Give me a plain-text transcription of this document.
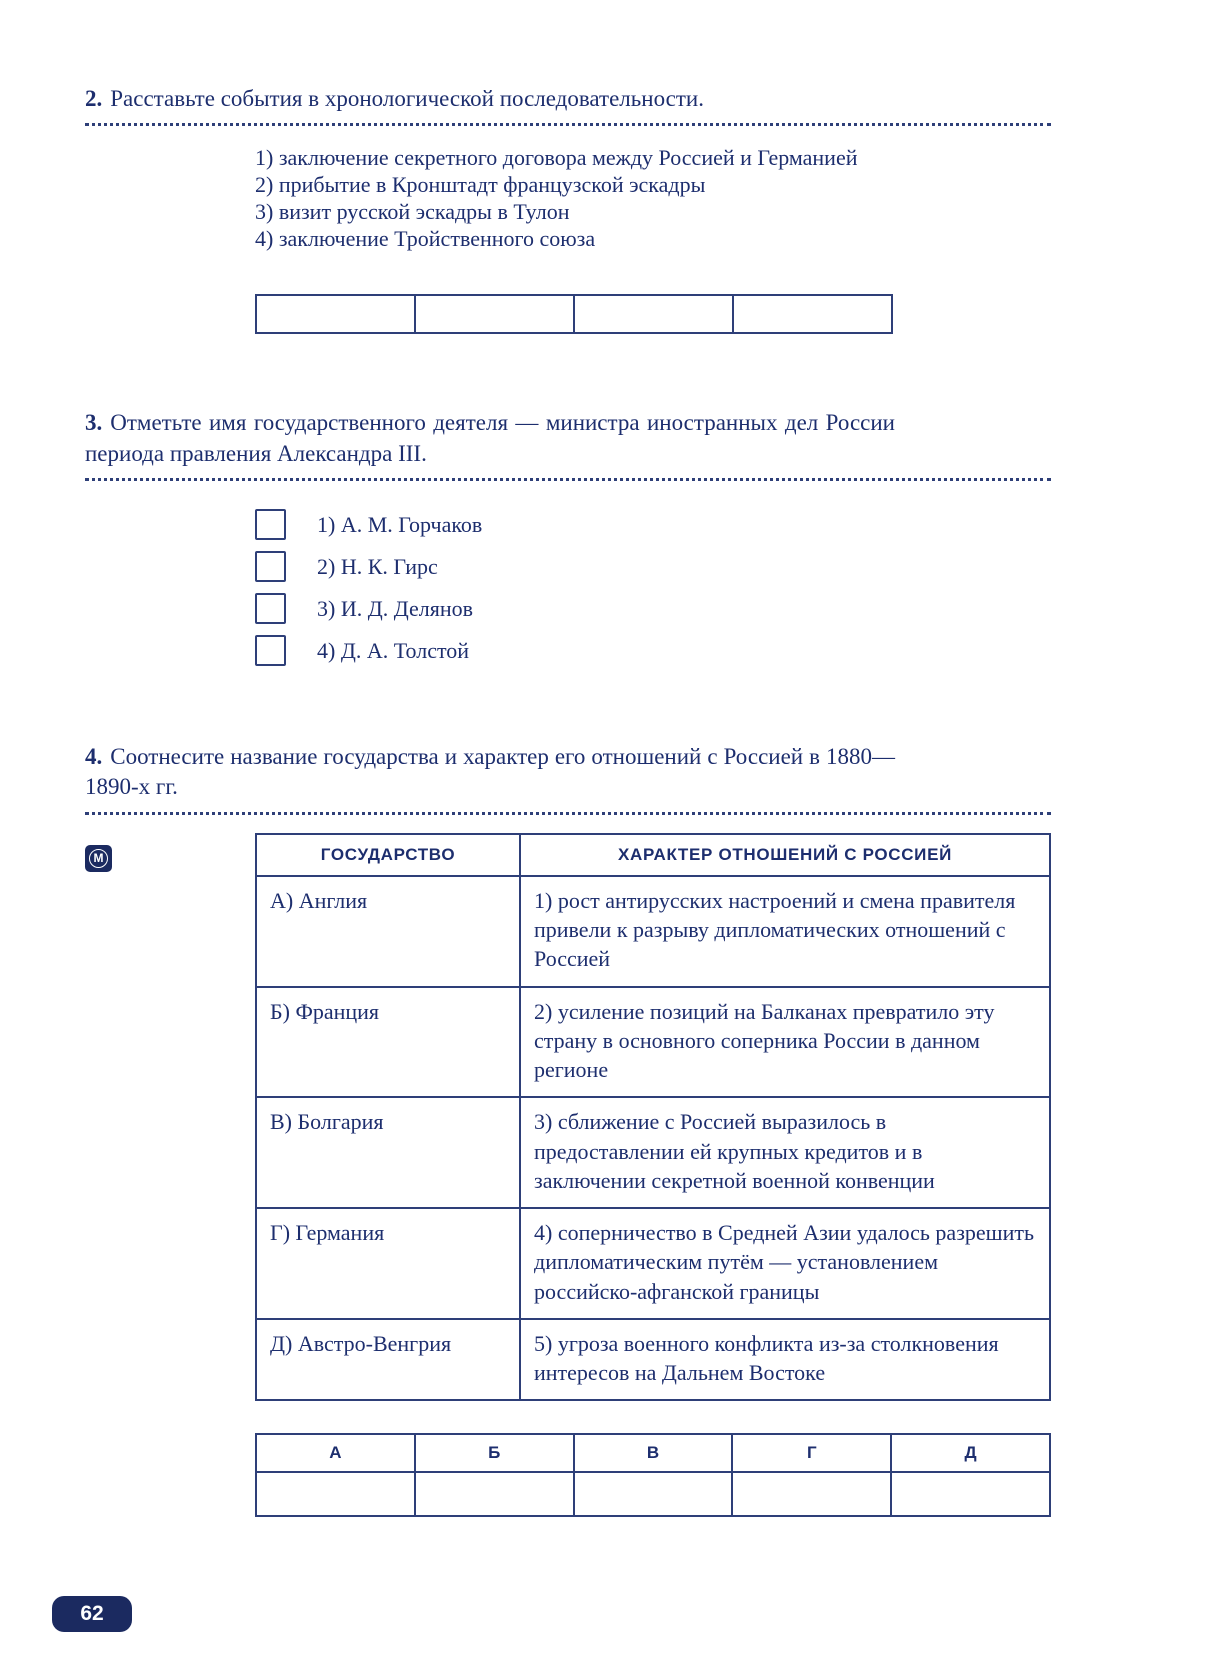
2. Расставьте события в хронологической последовательности.

1) заключение секретного договора между Россией и Германией

2) прибытие в Кронштадт французской эскадры

3) визит русской эскадры в Тулон

4) заключение Тройственного союза

3. Отметьте имя государственного деятеля — министра иностранных дел России периода правления Александра III.

1) А. М. Горчаков
2) Н. К. Гирс
3) И. Д. Делянов
4) Д. А. Толстой

4. Соотнесите название государства и характер его отношений с Россией в 1880—1890-х гг.

М	ГОСУДАРСТВО	ХАРАКТЕР ОТНОШЕНИЙ С РОССИЕЙ
А) Англия	1) рост антирусских настроений и смена правителя привели к разрыву дипломатических отношений с Россией
Б) Франция	2) усиление позиций на Балканах превратило эту страну в основного соперника России в данном регионе
В) Болгария	3) сближение с Россией выразилось в предоставлении ей крупных кредитов и в заключении секретной военной конвенции
Г) Германия	4) соперничество в Средней Азии удалось разрешить дипломатическим путём — установлением российско-афганской границы
Д) Австро-Венгрия	5) угроза военного конфликта из-за столкновения интересов на Дальнем Востоке
А	Б	В	Г	Д

62
